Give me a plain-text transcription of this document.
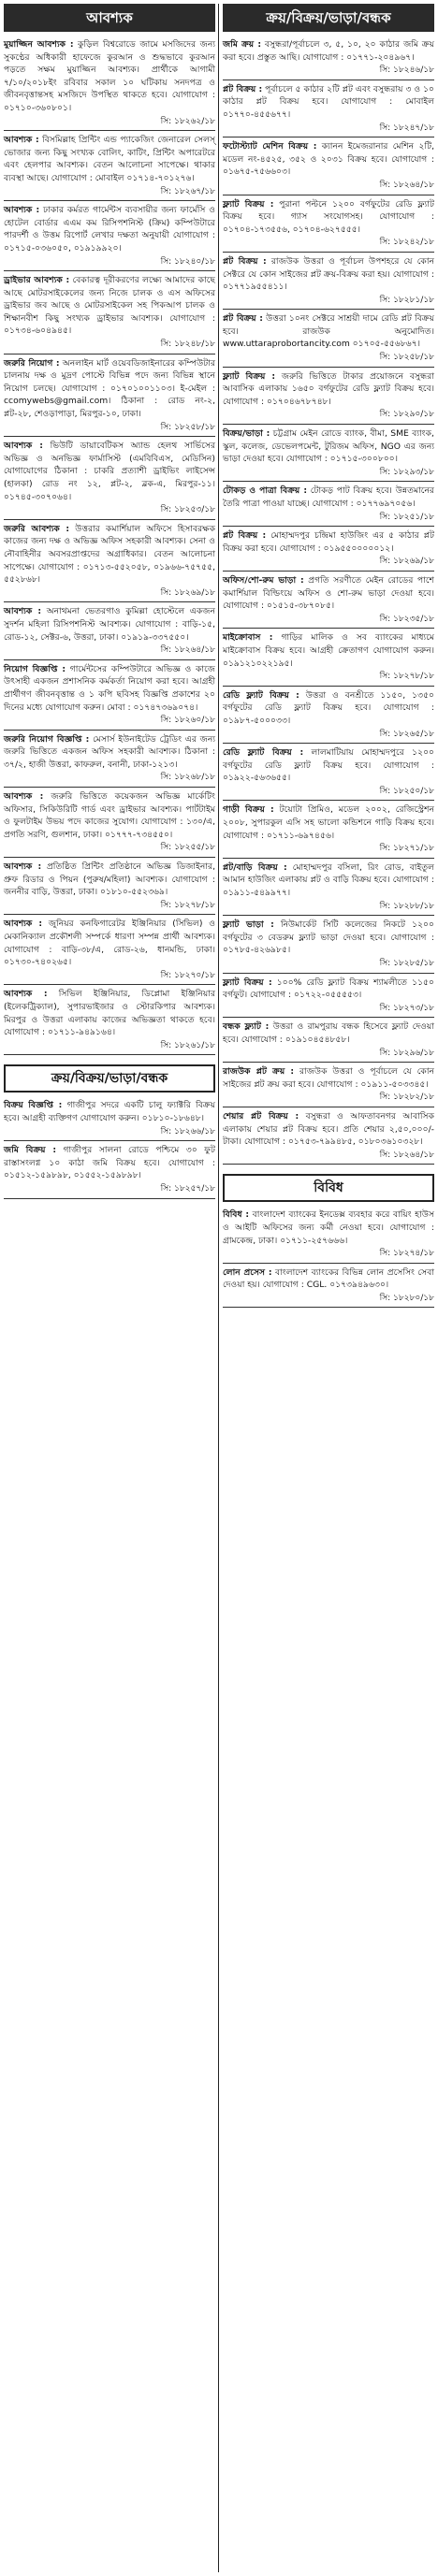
আবশ্যক
মুয়াজ্জিন আবশ্যক : কুড়িল বিশ্বরোডে জামে মসজিদের জন্য সুকণ্ঠের অধিকারী হাফেজে কুরআন ও শুদ্ধভাবে কুরআন পড়তে সক্ষম মুয়াজ্জিন আবশ্যক। প্রার্থীকে আগামী ৭/১০/২০১৮ইং রবিবার সকাল ১০ ঘটিকায় সনদপত্র ও জীবনবৃত্তান্তসহ মসজিদে উপস্থিত থাকতে হবে। যোগাযোগ : ০১৭১০-৩৬০৮০১।
সি: ১৮২৬২/১৮
আবশ্যক : বিসমিল্লাহ প্রিন্টিং এন্ড প্যাকেজিং জেনারেল সেলস্ ভোজার জন্য কিছু সংখ্যক বোলিং, কাটিং, প্রিন্টিং অপারেটরে এবং হেলপার আবশ্যক। বেতন আলোচনা সাপেক্ষে। থাকার ব্যবস্থা আছে। যোগাযোগ : মোবাইল ০১৭১৪-৭০১২৭৬।
সি: ১৮২৬৭/১৮
আবশ্যক : ঢাকার কর্মরত গার্মেন্টস ব্যবসায়ীর জন্য ফার্মেসি ও হোটেল বোর্ডার এএম কম রিসিপশনিস্ট (ক্রিম) কম্পিউটারে পারদর্শী ও উত্তম রিপোর্ট লেখার দক্ষতা অনুযায়ী যোগাযোগ : ০১৭১৫-০৩৬০৫০, ০১৯১৯৯২০।
সি: ১৮২৪০/১৮
ড্রাইভার আবশ্যক : বেকারত্ব দূরীকরণের লক্ষ্যে আমাদের কাছে আছে মোটরসাইকেলের জন্য নিজে চালক ও এস অফিসের ড্রাইভার জব আছে ও মোটরসাইকেল সহ পিকআপ চালক ও শিক্ষানবীশ কিছু সংখ্যক ড্রাইভার আবশ্যক। যোগাযোগ : ০১৭৩৪-৬০৪৯৪৫।
সি: ১৮২৪৮/১৮
জরুরি নিয়োগ : অনলাইন মার্ট ওয়েবডিজাইনারের কম্পিউটার চালনায় দক্ষ ও মুদ্রণ পোস্টে বিভিন্ন পদে জন্য বিভিন্ন স্থানে নিয়োগ চলছে। যোগাযোগ : ০১৭০১০০১১০৩। ই-মেইল : ccomywebs@gmail.com। ঠিকানা : রোড নং-২, প্লট-২৮, শেওড়াপাড়া, মিরপুর-১০, ঢাকা।
সি: ১৮২৫৮/১৮
আবশ্যক : ভিউটি ডায়াবেটিকস অ্যান্ড হেলথ সার্ভিসের অভিজ্ঞ ও অনভিজ্ঞ ফার্মাসিস্ট (এমবিবিএস, মেডিসিন) যোগাযোগের ঠিকানা : চাকরি প্রত্যাশী ড্রাইভিং লাইসেন্স (হালকা) রোড নং ১২, প্লট-২, ব্লক-এ, মিরপুর-১১। ০১৭৪৫-৩০৭০৬৪।
সি: ১৮২৫৩/১৮
জরুরি আবশ্যক : উত্তরার কমার্শিয়াল অফিসে হিসাবরক্ষক কাজের জন্য দক্ষ ও অভিজ্ঞ অফিস সহকারী আবশ্যক। সেনা ও নৌবাহিনীর অবসরপ্রাপ্তদের অগ্রাধিকার। বেতন আলোচনা সাপেক্ষে। যোগাযোগ : ০১৭১৩-৫৫২০৫৮, ০১৯৬৬-৭৫৭৫৫, ৫৫২৮৬৮।
সি: ১৮২৬৯/১৮
আবশ্যক : অনাথমনা ভেতরগাও কুমিল্লা হোস্টেলে একজন সুদর্শন মহিলা রিসিপশনিস্ট আবশ্যক। যোগাযোগ : বাড়ি-১৫, রোড-১২, সেক্টর-৬, উত্তরা, ঢাকা। ০১৯১৯-৩৩৭৫৫০।
সি: ১৮২৬৪/১৮
নিয়োগ বিজ্ঞপ্তি : গার্মেন্টসের কম্পিউটারে অভিজ্ঞ ও কাজে উৎসাহী একজন প্রশাসনিক কর্মকর্তা নিয়োগ করা হবে। আগ্রহী প্রার্থীগণ জীবনবৃত্তান্ত ও ১ কপি ছবিসহ বিজ্ঞপ্তি প্রকাশের ২০ দিনের মধ্যে যোগাযোগ করুন। মোবা : ০১৭৪৭৩৬৯০৭৪।
সি: ১৮২৬০/১৮
জরুরি নিয়োগ বিজ্ঞপ্তি : মেসার্স ইউনাইটেড ট্রেডিং এর জন্য জরুরি ভিত্তিতে একজন অফিস সহকারী আবশ্যক। ঠিকানা : ৩৭/২, হাজী উত্তরা, কাফরুল, বনানী, ঢাকা-১২১৩।
সি: ১৮২৬৮/১৮
আবশ্যক : জরুরি ভিত্তিতে কয়েকজন অভিজ্ঞ মার্কেটিং অফিসার, সিকিউরিটি গার্ড এবং ড্রাইভার আবশ্যক। পার্টটাইম ও ফুলটাইম উভয় পদে কাজের সুযোগ। যোগাযোগ : ১৩০/এ, প্রগতি সরণি, গুলশান, ঢাকা। ০১৭৭৭-৭৩৪৫৫০।
সি: ১৮২৫৫/১৮
আবশ্যক : প্রতিষ্ঠিত প্রিন্টিং প্রতিষ্ঠানে অভিজ্ঞ ডিজাইনার, প্রুফ রিডার ও পিয়ন (পুরুষ/মহিলা) আবশ্যক। যোগাযোগ : জননীর বাড়ি, উত্তরা, ঢাকা। ০১৮১০-৫৫২৩৬৯।
সি: ১৮২৭৮/১৮
আবশ্যক : জুনিয়র কনফিগারেটর ইঞ্জিনিয়ার (সিভিল) ও মেকানিক্যাল প্রকৌশলী সম্পর্কে ধারণা সম্পন্ন প্রার্থী আবশ্যক। যোগাযোগ : বাড়ি-৩৮/এ, রোড-২৬, ধানমন্ডি, ঢাকা। ০১৭৩০-৭৪০২৬৫।
সি: ১৮২৭০/১৮
আবশ্যক : সিভিল ইঞ্জিনিয়ার, ডিপ্লোমা ইঞ্জিনিয়ার (ইলেকট্রিক্যাল), সুপারভাইজার ও স্টোরকিপার আবশ্যক। মিরপুর ও উত্তরা এলাকায় কাজের অভিজ্ঞতা থাকতে হবে। যোগাযোগ : ০১৭১১-৯৪৯১৬৪।
সি: ১৮২৬১/১৮
ক্রয়/বিক্রয়/ভাড়া/বন্ধক
বিক্রয় বিজ্ঞপ্তি : গাজীপুর সদরে একটি চালু ফ্যাক্টরি বিক্রয় হবে। আগ্রহী ব্যক্তিগণ যোগাযোগ করুন। ০১৮১০-১৮৬৪৮।
সি: ১৮২৬৬/১৮
জমি বিক্রয় : গাজীপুর সালনা রোডে পশ্চিমে ৩০ ফুট রাস্তাসংলগ্ন ১০ কাঠা জমি বিক্রয় হবে। যোগাযোগ : ০১৫১২-১৫৯৮৯৮, ০১৫৫২-১৫৯৮৯৮।
সি: ১৮২৫৭/১৮
ক্রয়/বিক্রয়/ভাড়া/বন্ধক
জমি ক্রয় : বসুন্ধরা/পূর্বাচলে ৩, ৫, ১০, ২০ কাঠার জমি ক্রয় করা হবে। প্রস্তুত আছি। যোগাযোগ : ০১৭৭১-২০৪৯৬৭।
সি: ১৮২৪৬/১৮
প্লট বিক্রয় : পূর্বাচলে ৫ কাঠার ২টি প্লট এবং বসুন্ধরায় ৩ ও ১০ কাঠার প্লট বিক্রয় হবে। যোগাযোগ : মোবাইল ০১৭৭০-৪৫৫৬৭৭।
সি: ১৮২৪৭/১৮
ফটোস্ট্যাট মেশিন বিক্রয় : ক্যানন ইমেজরানার মেশিন ২টি, মডেল নং-৪৫২৫, ৩৫২ ও ২০৩১ বিক্রয় হবে। যোগাযোগ : ০১৬৭৫-৭৫৬৬০৩।
সি: ১৮২৬৪/১৮
ফ্ল্যাট বিক্রয় : পুরানা পল্টনে ১২০০ বর্গফুটের রেডি ফ্ল্যাট বিক্রয় হবে। গ্যাস সংযোগসহ। যোগাযোগ : ০১৭০৪-১৭৩৫৫৬, ০১৭০৪-৬২৭৫৫৫।
সি: ১৮২৪২/১৮
প্লট বিক্রয় : রাজউক উত্তরা ও পূর্বাচল উপশহরে যে কোন সেক্টরে যে কোন সাইজের প্লট ক্রয়-বিক্রয় করা হয়। যোগাযোগ : ০১৭৭১৯৫৫৪১১।
সি: ১৮২৮১/১৮
প্লট বিক্রয় : উত্তরা ১০নং সেক্টরে সাশ্রয়ী দামে রেডি প্লট বিক্রয় হবে। রাজউক অনুমোদিত। www.uttaraprobortancity.com ০১৭০৫-৫৫৬৮৬৭।
সি: ১৮২৫৮/১৮
ফ্ল্যাট বিক্রয় : জরুরি ভিত্তিতে টাকার প্রয়োজনে বসুন্ধরা আবাসিক এলাকায় ১৬৫০ বর্গফুটের রেডি ফ্ল্যাট বিক্রয় হবে। যোগাযোগ : ০১৭০৪৬৭৮৭৪৮।
সি: ১৮২৯০/১৮
বিক্রয়/ভাড়া : চট্টগ্রাম মেইন রোডে ব্যাংক, বীমা, SME ব্যাংক, স্কুল, কলেজ, ডেভেলপমেন্ট, টুরিজম অফিস, NGO এর জন্য ভাড়া দেওয়া হবে। যোগাযোগ : ০১৭১৫-৩০০৮০০।
সি: ১৮২৯৩/১৮
টোকড় ও পাত্রা বিক্রয় : টোকড় পাট বিক্রয় হবে। উন্নতমানের তৈরি পাত্রা পাওয়া যাচ্ছে। যোগাযোগ : ০১৭৭৬৯৭০৫৬।
সি: ১৮২৫১/১৮
প্লট বিক্রয় : মোহাম্মদপুর চন্দ্রিমা হাউজিং এর ৫ কাঠার প্লট বিক্রয় করা হবে। যোগাযোগ : ০১৯৫৫০০০০০১২।
সি: ১৮২৬৯/১৮
অফিস/শো-রুম ভাড়া : প্রগতি সরণীতে মেইন রোডের পাশে কমার্শিয়াল বিল্ডিংয়ে অফিস ও শো-রুম ভাড়া দেওয়া হবে। যোগাযোগ : ০১৫১৫-৩৮৭০৮৫।
সি: ১৮২৩৫/১৮
মাইক্রোবাস : গাড়ির মালিক ও সব ব্যাংকের মাধ্যমে মাইক্রোবাস বিক্রয় হবে। আগ্রহী ক্রেতাগণ যোগাযোগ করুন। ০১৯১২১০২২১৯৫।
সি: ১৮২৭৮/১৮
রেডি ফ্ল্যাট বিক্রয় : উত্তরা ও বনশ্রীতে ১১৫০, ১৩৫০ বর্গফুটের রেডি ফ্ল্যাট বিক্রয় হবে। যোগাযোগ : ০১৯৮৭-৫০০০৩৩।
সি: ১৮২৬৫/১৮
রেডি ফ্ল্যাট বিক্রয় : লালমাটিয়ায় মোহাম্মদপুরে ১২০০ বর্গফুটের রেডি ফ্ল্যাট বিক্রয় হবে। যোগাযোগ : ০১৯২২-৫৬৩৬৫৫।
সি: ১৮২৫০/১৮
গাড়ী বিক্রয় : টয়োটা প্রিমিও, মডেল ২০০২, রেজিস্ট্রেশন ২০০৮, সুপারকুল এসি সহ ভালো কন্ডিশনে গাড়ি বিক্রয় হবে। যোগাযোগ : ০১৭১১-৬৯৭৪৫৬।
সি: ১৮২৭১/১৮
প্লট/বাড়ি বিক্রয় : মোহাম্মদপুর বসিলা, রিং রোড, বাইতুল আমান হাউজিং এলাকায় প্লট ও বাড়ি বিক্রয় হবে। যোগাযোগ : ০১৯১১-৫৪৯৯৭৭।
সি: ১৮২৮৮/১৮
ফ্ল্যাট ভাড়া : নিউমার্কেট সিটি কলেজের নিকটে ১২০০ বর্গফুটের ৩ বেডরুম ফ্ল্যাট ভাড়া দেওয়া হবে। যোগাযোগ : ০১৭৮৫-৪২৬৯৮৫।
সি: ১৮২৮৫/১৮
ফ্ল্যাট বিক্রয় : ১০০% রেডি ফ্ল্যাট বিক্রয় শ্যামলীতে ১১৫০ বর্গফুট। যোগাযোগ : ০১৭২২-০৫৫৫৫৩।
সি: ১৮২৭৩/১৮
বন্ধক ফ্ল্যাট : উত্তরা ও রামপুরায় বন্ধক হিসেবে ফ্ল্যাট দেওয়া হবে। যোগাযোগ : ০১৯১০৪৫৪৮৫৮।
সি: ১৮২৯৬/১৮
রাজউক প্লট ক্রয় : রাজউক উত্তরা ও পূর্বাচলে যে কোন সাইজের প্লট ক্রয় করা হবে। যোগাযোগ : ০১৯১১-৫০৩৩৪৫।
সি: ১৮২৮২/১৮
শেয়ার প্লট বিক্রয় : বসুন্ধরা ও আফতাবনগর আবাসিক এলাকায় শেয়ার প্লট বিক্রয় হবে। প্রতি শেয়ার ২,৫০,০০০/- টাকা। যোগাযোগ : ০১৭৫৩-৭৯৯৪৮৫, ০১৮০৩৬১০৩২৮।
সি: ১৮২৬৪/১৮
বিবিধ
বিবিধ : বাংলাদেশ ব্যাংকের ইনডেক্স ব্যবহার করে বায়িং হাউস ও আইটি অফিসের জন্য কর্মী নেওয়া হবে। যোগাযোগ : গ্রামকেন্দ্র, ঢাকা। ০১৭১১-২৫৭৬৬৬।
সি: ১৮২৭৪/১৮
লোন প্রসেস : বাংলাদেশ ব্যাংকের বিভিন্ন লোন প্রসেসিং সেবা দেওয়া হয়। যোগাযোগ : CGL. ০১৭৩৯৪৯৬৩০।
সি: ১৮২৮০/১৮
